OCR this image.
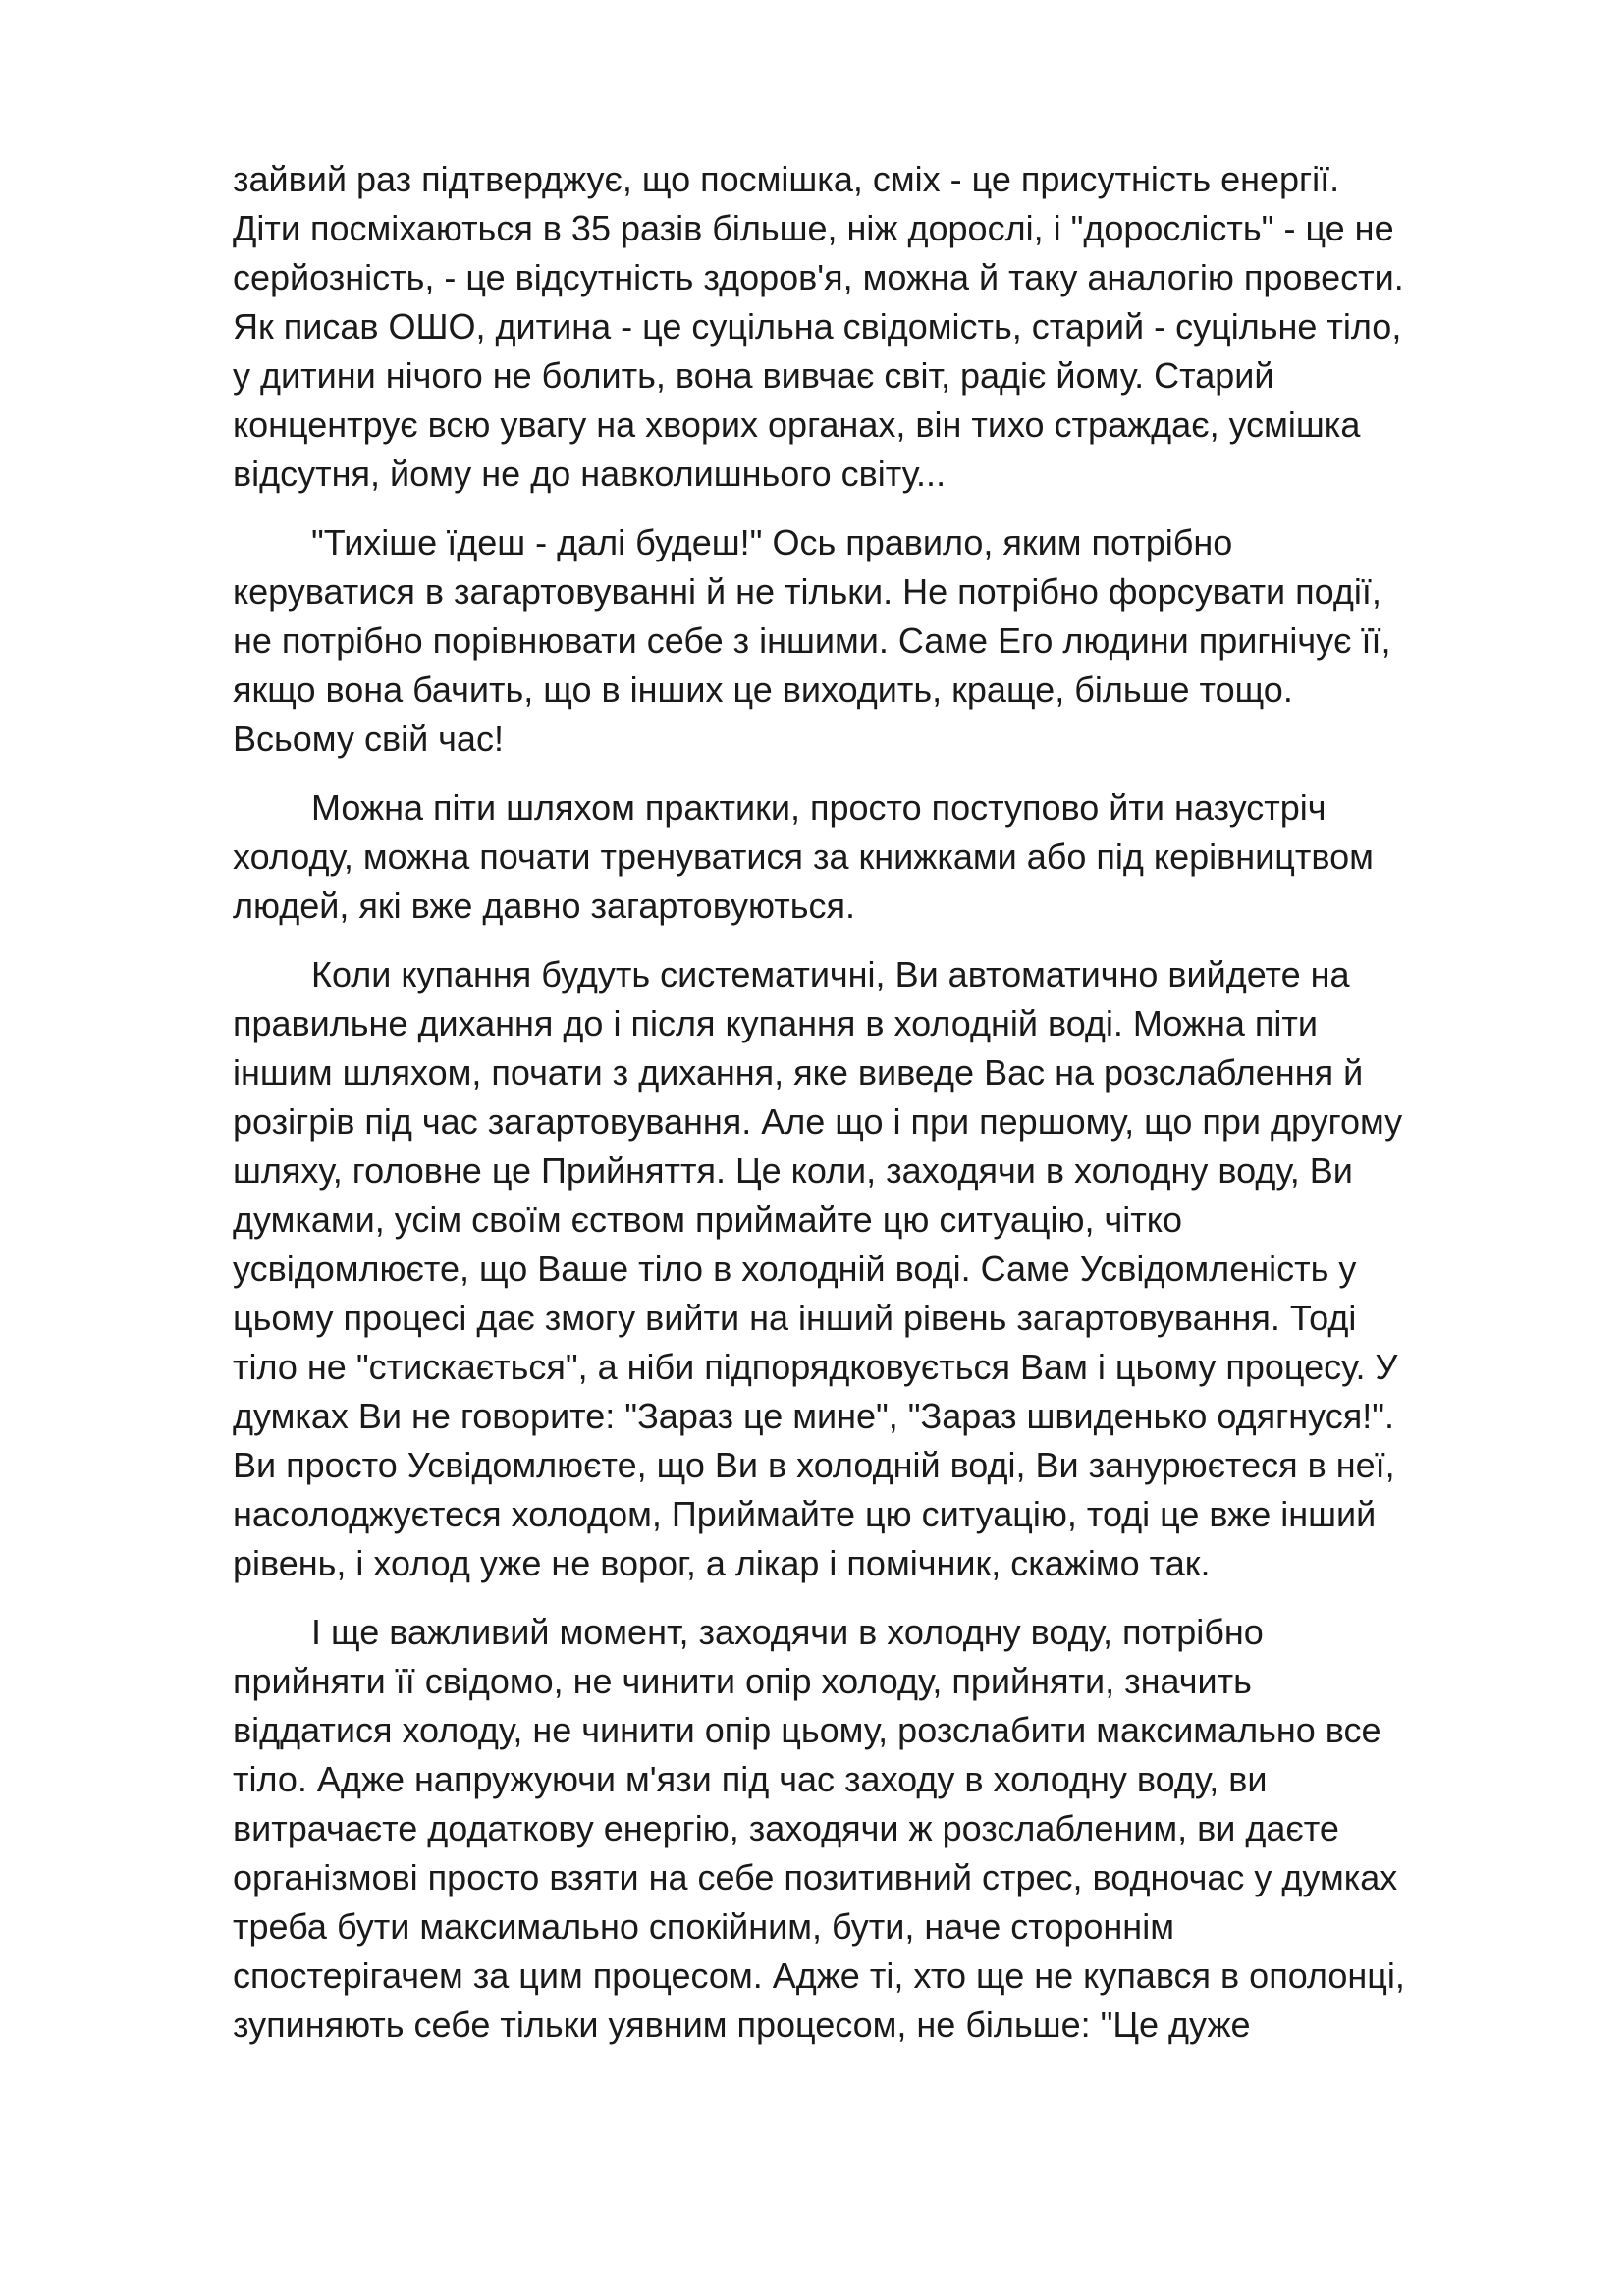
зайвий раз підтверджує, що посмішка, сміх - це присутність енергії.
Діти посміхаються в 35 разів більше, ніж дорослі, і "дорослість" - це не
серйозність, - це відсутність здоров'я, можна й таку аналогію провести.
Як писав ОШО, дитина - це суцільна свідомість, старий - суцільне тіло,
у дитини нічого не болить, вона вивчає світ, радіє йому. Старий
концентрує всю увагу на хворих органах, він тихо страждає, усмішка
відсутня, йому не до навколишнього світу...
"Тихіше їдеш - далі будеш!" Ось правило, яким потрібно
керуватися в загартовуванні й не тільки. Не потрібно форсувати події,
не потрібно порівнювати себе з іншими. Саме Его людини пригнічує її,
якщо вона бачить, що в інших це виходить, краще, більше тощо.
Всьому свій час!
Можна піти шляхом практики, просто поступово йти назустріч
холоду, можна почати тренуватися за книжками або під керівництвом
людей, які вже давно загартовуються.
Коли купання будуть систематичні, Ви автоматично вийдете на
правильне дихання до і після купання в холодній воді. Можна піти
іншим шляхом, почати з дихання, яке виведе Вас на розслаблення й
розігрів під час загартовування. Але що і при першому, що при другому
шляху, головне це Прийняття. Це коли, заходячи в холодну воду, Ви
думками, усім своїм єством приймайте цю ситуацію, чітко
усвідомлюєте, що Ваше тіло в холодній воді. Саме Усвідомленість у
цьому процесі дає змогу вийти на інший рівень загартовування. Тоді
тіло не "стискається", а ніби підпорядковується Вам і цьому процесу. У
думках Ви не говорите: "Зараз це мине", "Зараз швиденько одягнуся!".
Ви просто Усвідомлюєте, що Ви в холодній воді, Ви занурюєтеся в неї,
насолоджуєтеся холодом, Приймайте цю ситуацію, тоді це вже інший
рівень, і холод уже не ворог, а лікар і помічник, скажімо так.
І ще важливий момент, заходячи в холодну воду, потрібно
прийняти її свідомо, не чинити опір холоду, прийняти, значить
віддатися холоду, не чинити опір цьому, розслабити максимально все
тіло. Адже напружуючи м'язи під час заходу в холодну воду, ви
витрачаєте додаткову енергію, заходячи ж розслабленим, ви даєте
організмові просто взяти на себе позитивний стрес, водночас у думках
треба бути максимально спокійним, бути, наче стороннім
спостерігачем за цим процесом. Адже ті, хто ще не купався в ополонці,
зупиняють себе тільки уявним процесом, не більше: "Це дуже
